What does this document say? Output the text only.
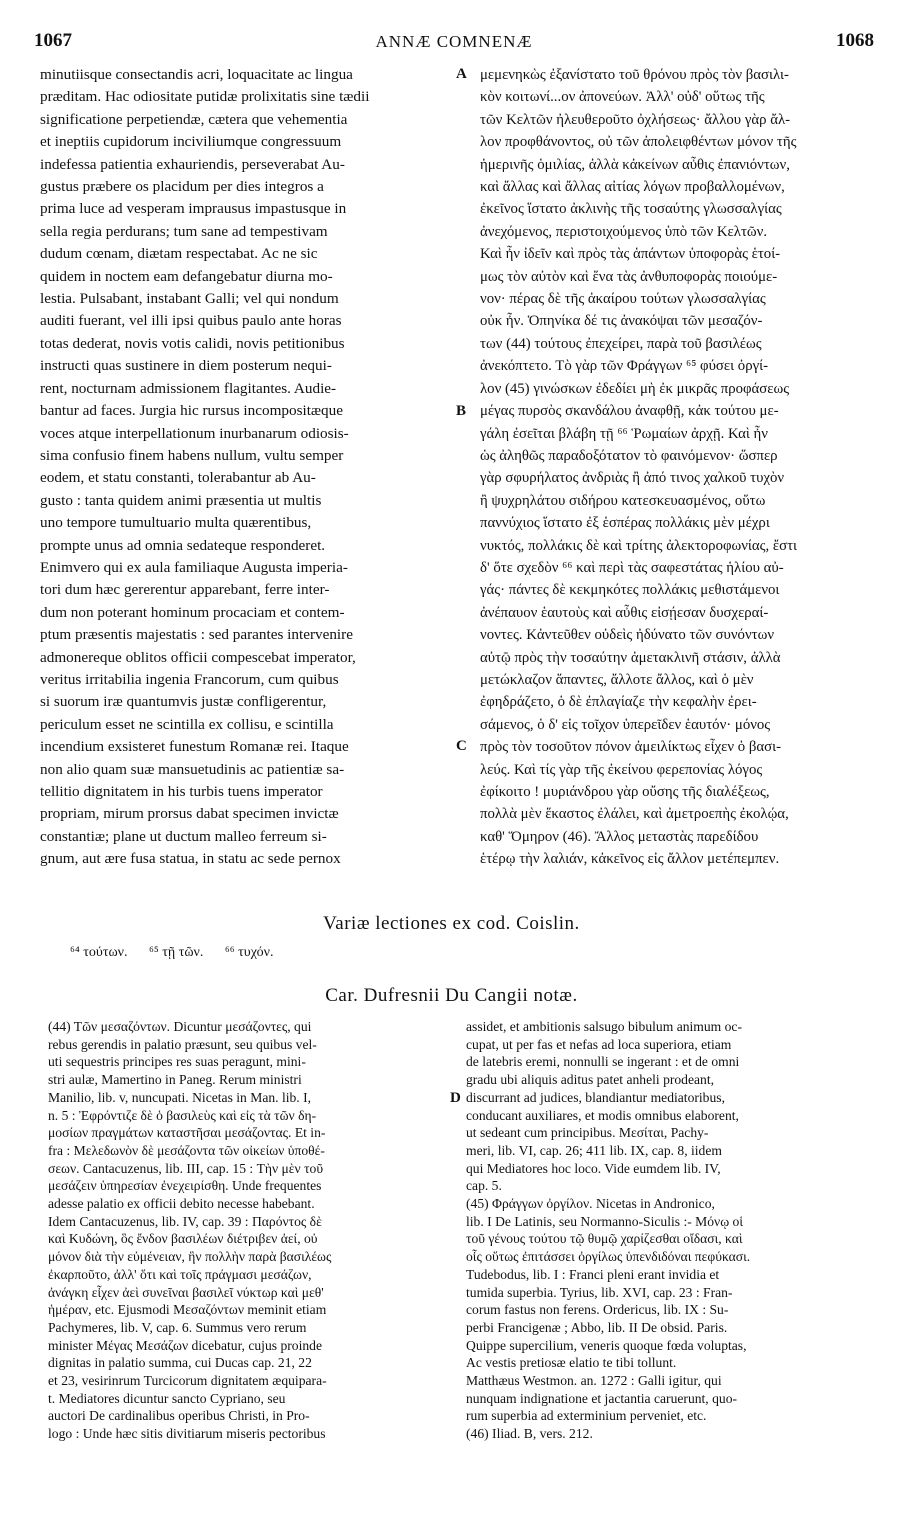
1067	ANNÆ COMNENÆ	1068
minutiisque consectandis acri, loquacitate ac lingua
præditam. Hac odiositate putidæ prolixitatis sine tædii
significatione perpetiendæ, cætera que vehementia
et ineptiis cupidorum inciviliumque congressuum
indefessa patientia exhauriendis, perseverabat Au-
gustus præbere os placidum per dies integros a
prima luce ad vesperam imprausus impastusque in
sella regia perdurans; tum sane ad tempestivam
dudum cœnam, diætam respectabat. Ac ne sic
quidem in noctem eam defangebatur diurna mo-
lestia. Pulsabant, instabant Galli; vel qui nondum
auditi fuerant, vel illi ipsi quibus paulo ante horas
totas dederat, novis votis calidi, novis petitionibus
instructi quas sustinere in diem posterum nequi-
rent, nocturnam admissionem flagitantes. Audie-
bantur ad faces. Jurgia hic rursus incompositæque
voces atque interpellationum inurbanarum odiosis-
sima confusio finem habens nullum, vultu semper
eodem, et statu constanti, tolerabantur ab Au-
gusto : tanta quidem animi præsentia ut multis
uno tempore tumultuario multa quærentibus,
prompte unus ad omnia sedateque responderet.
Enimvero qui ex aula familiaque Augusta imperia-
tori dum hæc gererentur apparebant, ferre inter-
dum non poterant hominum procaciam et contem-
ptum præsentis majestatis : sed parantes intervenire
admonereque oblitos officii compescebat imperator,
veritus irritabilia ingenia Francorum, cum quibus
si suorum iræ quantumvis justæ confligerentur,
periculum esset ne scintilla ex collisu, e scintilla
incendium exsisteret funestum Romanæ rei. Itaque
non alio quam suæ mansuetudinis ac patientiæ sa-
tellitio dignitatem in his turbis tuens imperator
propriam, mirum prorsus dabat specimen invictæ
constantiæ; plane ut ductum malleo ferreum si-
gnum, aut ære fusa statua, in statu ac sede pernox
μεμενηκὼς ἐξανίστατο τοῦ θρόνου πρὸς τὸν βασιλι-
κὸν κοιτωνί...ον ἀπονεύων. Ἀλλ' οὐδ' οὕτως τῆς
τῶν Κελτῶν ἠλευθεροῦτο ὀχλήσεως· ἄλλου γὰρ ἄλ-
λον προφθάνοντος, οὐ τῶν ἀπολειφθέντων μόνον τῆς
ἡμερινῆς ὁμιλίας, ἀλλὰ κἀκείνων αὖθις ἐπανιόντων,
καὶ ἄλλας καὶ ἄλλας αἰτίας λόγων προβαλλομένων,
ἐκεῖνος ἵστατο ἀκλινὴς τῆς τοσαύτης γλωσσαλγίας
ἀνεχόμενος, περιστοιχούμενος ὑπὸ τῶν Κελτῶν.
Καὶ ἦν ἰδεῖν καὶ πρὸς τὰς ἁπάντων ὑποφορὰς ἑτοί-
μως τὸν αὐτὸν καὶ ἕνα τὰς ἀνθυποφορὰς ποιούμε-
νον· πέρας δὲ τῆς ἀκαίρου τούτων γλωσσαλγίας
οὐκ ἦν. Ὁπηνίκα δέ τις ἀνακόψαι τῶν μεσαζόν-
των (44) τούτους ἐπεχείρει, παρὰ τοῦ βασιλέως
ἀνεκόπτετο. Τὸ γὰρ τῶν Φράγγων ⁶⁵ φύσει ὀργί-
λον (45) γινώσκων ἐδεδίει μὴ ἐκ μικρᾶς προφάσεως
μέγας πυρσὸς σκανδάλου ἀναφθῇ, κἀκ τούτου με-
γάλη ἐσεῖται βλάβη τῇ ⁶⁶ Ῥωμαίων ἀρχῇ. Καὶ ἦν
ὡς ἀληθῶς παραδοξότατον τὸ φαινόμενον· ὥσπερ
γὰρ σφυρήλατος ἀνδριὰς ἢ ἀπό τινος χαλκοῦ τυχὸν
ἢ ψυχρηλάτου σιδήρου κατεσκευασμένος, οὕτω
παννύχιος ἵστατο ἐξ ἑσπέρας πολλάκις μὲν μέχρι
νυκτός, πολλάκις δὲ καὶ τρίτης ἀλεκτοροφωνίας, ἔστι
δ' ὅτε σχεδὸν ⁶⁶ καὶ περὶ τὰς σαφεστάτας ἡλίου αὐ-
γάς· πάντες δὲ κεκμηκότες πολλάκις μεθιστάμενοι
ἀνέπαυον ἑαυτοὺς καὶ αὖθις εἰσῄεσαν δυσχεραί-
νοντες. Κἀντεῦθεν οὐδεὶς ἠδύνατο τῶν συνόντων
αὐτῷ πρὸς τὴν τοσαύτην ἀμετακλινῆ στάσιν, ἀλλὰ
μετώκλαζον ἅπαντες, ἄλλοτε ἄλλος, καὶ ὁ μὲν
ἐφηδράζετο, ὁ δὲ ἐπλαγίαζε τὴν κεφαλὴν ἐρει-
σάμενος, ὁ δ' εἰς τοῖχον ὑπερεῖδεν ἑαυτόν· μόνος
πρὸς τὸν τοσοῦτον πόνον ἀμειλίκτως εἶχεν ὁ βασι-
λεύς. Καὶ τίς γὰρ τῆς ἐκείνου φερεπονίας λόγος
ἐφίκοιτο ! μυριάνδρου γὰρ οὔσης τῆς διαλέξεως,
πολλὰ μὲν ἕκαστος ἐλάλει, καὶ ἀμετροεπὴς ἐκολῴα,
καθ' Ὅμηρον (46). Ἄλλος μεταστὰς παρεδίδου
ἑτέρῳ τὴν λαλιάν, κἀκεῖνος εἰς ἄλλον μετέπεμπεν.
A
B
C
D
Variæ lectiones ex cod. Coislin.
⁶⁴ τούτων. ⁶⁵ τῇ τῶν. ⁶⁶ τυχόν.
Car. Dufresnii Du Cangii notæ.
(44) Τῶν μεσαζόντων. Dicuntur μεσάζοντες, qui
rebus gerendis in palatio præsunt, seu quibus vel-
uti sequestris principes res suas peragunt, mini-
stri aulæ, Mamertino in Paneg. Rerum ministri
Manilio, lib. v, nuncupati. Nicetas in Man. lib. I,
n. 5 : Ἐφρόντιζε δὲ ὁ βασιλεὺς καὶ εἰς τὰ τῶν δη-
μοσίων πραγμάτων καταστῆσαι μεσάζοντας. Et in-
fra : Μελεδωνὸν δὲ μεσάζοντα τῶν οἰκείων ὑποθέ-
σεων. Cantacuzenus, lib. III, cap. 15 : Τὴν μὲν τοῦ
μεσάζειν ὑπηρεσίαν ἐνεχειρίσθη. Unde frequentes
adesse palatio ex officii debito necesse habebant.
Idem Cantacuzenus, lib. IV, cap. 39 : Παρόντος δὲ
καὶ Κυδώνη, ὃς ἔνδον βασιλέων διέτριβεν ἀεί, οὐ
μόνον διὰ τὴν εὐμένειαν, ἣν πολλὴν παρὰ βασιλέως
ἐκαρποῦτο, ἀλλ' ὅτι καὶ τοῖς πράγμασι μεσάζων,
ἀνάγκη εἶχεν ἀεὶ συνεῖναι βασιλεῖ νύκτωρ καὶ μεθ'
ἡμέραν, etc. Ejusmodi Μεσαζόντων meminit etiam
Pachymeres, lib. V, cap. 6. Summus vero rerum
minister Μέγας Μεσάζων dicebatur, cujus proinde
dignitas in palatio summa, cui Ducas cap. 21, 22
et 23, vesirinrum Turcicorum dignitatem æquipara-
t. Mediatores dicuntur sancto Cypriano, seu
auctori De cardinalibus operibus Christi, in Pro-
logo : Unde hæc sitis divitiarum miseris pectoribus
assidet, et ambitionis salsugo bibulum animum oc-
cupat, ut per fas et nefas ad loca superiora, etiam
de latebris eremi, nonnulli se ingerant : et de omni
gradu ubi aliquis aditus patet anheli prodeant,
discurrant ad judices, blandiantur mediatoribus,
conducant auxiliares, et modis omnibus elaborent,
ut sedeant cum principibus. Μεσίται, Pachy-
meri, lib. VI, cap. 26; 411 lib. IX, cap. 8, iidem
qui Mediatores hoc loco. Vide eumdem lib. IV,
cap. 5.
(45) Φράγγων ὀργίλον. Nicetas in Andronico,
lib. I De Latinis, seu Normanno-Siculis :- Μόνῳ οἱ
τοῦ γένους τούτου τῷ θυμῷ χαρίζεσθαι οἴδασι, καὶ
οἷς οὕτως ἐπιτάσσει ὀργίλως ὑπενδιδόναι πεφύκασι.
Tudebodus, lib. I : Franci pleni erant invidia et
tumida superbia. Tyrius, lib. XVI, cap. 23 : Fran-
corum fastus non ferens. Ordericus, lib. IX : Su-
perbi Francigenæ ; Abbo, lib. II De obsid. Paris.
Quippe supercilium, veneris quoque fœda voluptas,
Ac vestis pretiosæ elatio te tibi tollunt.
Matthæus Westmon. an. 1272 : Galli igitur, qui
nunquam indignatione et jactantia caruerunt, quo-
rum superbia ad exterminium perveniet, etc.
(46) Iliad. B, vers. 212.
